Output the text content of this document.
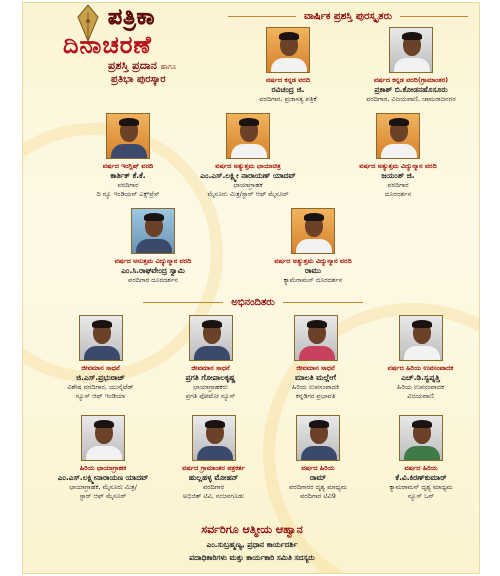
ಪತ್ರಿಕಾ
ದಿನಾಚರಣೆ
ಪ್ರಶಸ್ತಿ ಪ್ರದಾನ ಹಾಗೂ
ಪ್ರತಿಭಾ ಪುರಸ್ಕಾರ
ವಾರ್ಷಿಕ ಪ್ರಶಸ್ತಿ ಪುರಸ್ಕೃತರು
ವರ್ಷದ ಕನ್ನಡ ವರದಿ
ರವಿಚಂದ್ರ ಜಿ.
ವರದಿಗಾರ, ಪ್ರಜಾಸತ್ಯ ಪತ್ರಿಕೆ
ವರ್ಷದ ಕನ್ನಡ ವರದಿ(ಗ್ರಾಮಾಂತರ)
ಪ್ರಕಾಶ್ ಬಿ.ಕೋಡನಹೊಸೂರು
ವರದಿಗಾರ, ವಿಜಯವಾಣಿ, ಚಾಮರಾಜನಗರ
ವರ್ಷದ ಇಂಗ್ಲಿಷ್ ವರದಿ
ಕಾರ್ತಿಕ್ ಕೆ.ಕೆ.
ವರದಿಗಾರ
ದಿ ನ್ಯೂ ಇಂಡಿಯನ್ ಎಕ್ಸ್‌ಪ್ರೆಸ್
ವರ್ಷದ ಅತ್ಯುತ್ತಮ ಛಾಯಾಚಿತ್ರ
ಎಂ.ಎಸ್.ಲಕ್ಷ್ಮೀ ನಾರಾಯಣ್ ಯಾದವ್
ಛಾಯಾಗ್ರಾಹಕ
ಮೈಸೂರು ಮಿತ್ರ/ಸ್ಟಾರ್ ಆಫ್ ಮೈಸೂರ್
ವರ್ಷದ ಅತ್ಯುತ್ತಮ ವಿದ್ಯುನ್ಮಾನ ವರದಿ
ಜಯಂತ್ ಜಿ.
ವರದಿಗಾರ
ದೂರದರ್ಶನ
ವರ್ಷದ ಅನುತ್ತಮ ವಿದ್ಯುನ್ಮಾನ ವರದಿ
ಎಂ.ಸಿ.ರಾಘವೇಂದ್ರ ಸ್ವಾಮಿ
ವರದಿಗಾರ ದೂರದರ್ಶನ
ವರ್ಷದ ಅತ್ಯುತ್ತಮ ವಿದ್ಯುನ್ಮಾನ ವರದಿ
ರಾಮು
ಕ್ಯಾಮೆರಾಮನ್ ದೂರದರ್ಶನ
ಅಭಿನಂದಿತರು
ಜೀವಮಾನ ಸಾಧನೆ
ಜಿ.ಎಸ್.ಪ್ರಭುರಾಜ್
ವಿಶೇಷ ವರದಿಗಾರ, ಯುನೈಟೆಡ್
ನ್ಯೂಸ್ ಆಫ್ ಇಂಡಿಯಾ
ಜೀವಮಾನ ಸಾಧನೆ
ಪ್ರಗತಿ ಗೋಪಾಲಕೃಷ್ಣ
ಛಾಯಾಗ್ರಾಹಕರು
ಪ್ರಗತಿ ಫೋಟೋ ನ್ಯೂಸ್
ಜೀವಮಾನ ಸಾಧನೆ
ಮಾಲತಿ ಮಲ್ಲೇಗೆ
ಹಿರಿಯ ಉಪಸಂಪಾದಕಿ
ಕನ್ನಡಿಗರ ಪ್ರಭಾವತಿ
ವರ್ಷದ ಹಿರಿಯ ಉಪಸಂಪಾದಕ
ಎಚ್.ಡಿ.ಸ್ವಪ್ನತ್ತಿ
ಹಿರಿಯ ಉಪಸಂಪಾದಕ
ವಿಜಯವಾಣಿ
ಹಿರಿಯ ಛಾಯಾಗ್ರಾಹಕ
ಎಂ.ಎಸ್.ಲಕ್ಷ್ಮೀನಾರಾಯಣ ಯಾದವ್
ಛಾಯಾಗ್ರಾಹಕ, ಮೈಸೂರು ಮಿತ್ರ/
ಸ್ಟಾರ್ ಆಫ್ ಮೈಸೂರ್
ವರ್ಷದ ಗ್ರಾಮಾಂತರ ಪತ್ರಕರ್ತ
ಹುಲ್ಲಹಳ್ಳ ಮೋಹನ್
ವರದಿಗಾರ
ಅಭಿಜಿತ್ ಟಿವಿ, ನಂಜನಗೂಡು
ವರ್ಷದ ಹಿರಿಯ
ರಾಮ್
ವರದಿಗಾರರ ದೃಶ್ಯ ಮಾಧ್ಯಮ
ವರದಿಗಾರ ಟಿವಿ9
ವರ್ಷದ ಹಿರಿಯ
ಕೆ.ವಿ.ಕಿರಣ್‌ಕುಮಾರ್
ಕ್ಯಾಮರಾಮನ್ ದೃಶ್ಯ ಮಾಧ್ಯಮ
ನ್ಯೂಸ್ ಒನ್
ಸರ್ವರಿಗೂ ಆತ್ಮೀಯ ಆಹ್ವಾನ
ಎಂ.ಸುಬ್ರಹ್ಮಣ್ಯ, ಪ್ರಧಾನ ಕಾರ್ಯದರ್ಶಿ
ಪದಾಧಿಕಾರಿಗಳು ಮತ್ತು ಕಾರ್ಯಕಾರಿ ಸಮಿತಿ ಸದಸ್ಯರು
